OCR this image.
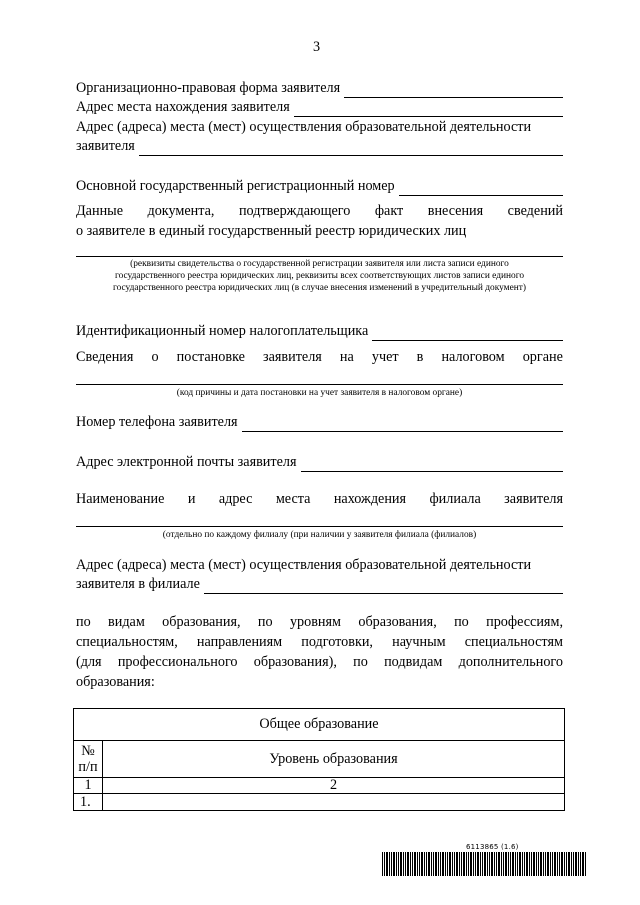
3
Организационно-правовая форма заявителя
Адрес места нахождения заявителя
Адрес (адреса) места (мест) осуществления образовательной деятельности
заявителя
Основной государственный регистрационный номер
Данные документа, подтверждающего факт внесения сведений
о заявителе в единый государственный реестр юридических лиц
(реквизиты свидетельства о государственной регистрации заявителя или листа записи единого
государственного реестра юридических лиц, реквизиты всех соответствующих листов записи единого
государственного реестра юридических лиц (в случае внесения изменений в учредительный документ)
Идентификационный номер налогоплательщика
Сведения о постановке заявителя на учет в налоговом органе
(код причины и дата постановки на учет заявителя в налоговом органе)
Номер телефона заявителя
Адрес электронной почты заявителя
Наименование и адрес места нахождения филиала заявителя
(отдельно по каждому филиалу (при наличии у заявителя филиала (филиалов)
Адрес (адреса) места (мест) осуществления образовательной деятельности
заявителя в филиале
по видам образования, по уровням образования, по профессиям,
специальностям, направлениям подготовки, научным специальностям
(для профессионального образования), по подвидам дополнительного
образования:
Общее образование	
№
п/п	Уровень образования
1	2
1.	
6113865 (1.6)
